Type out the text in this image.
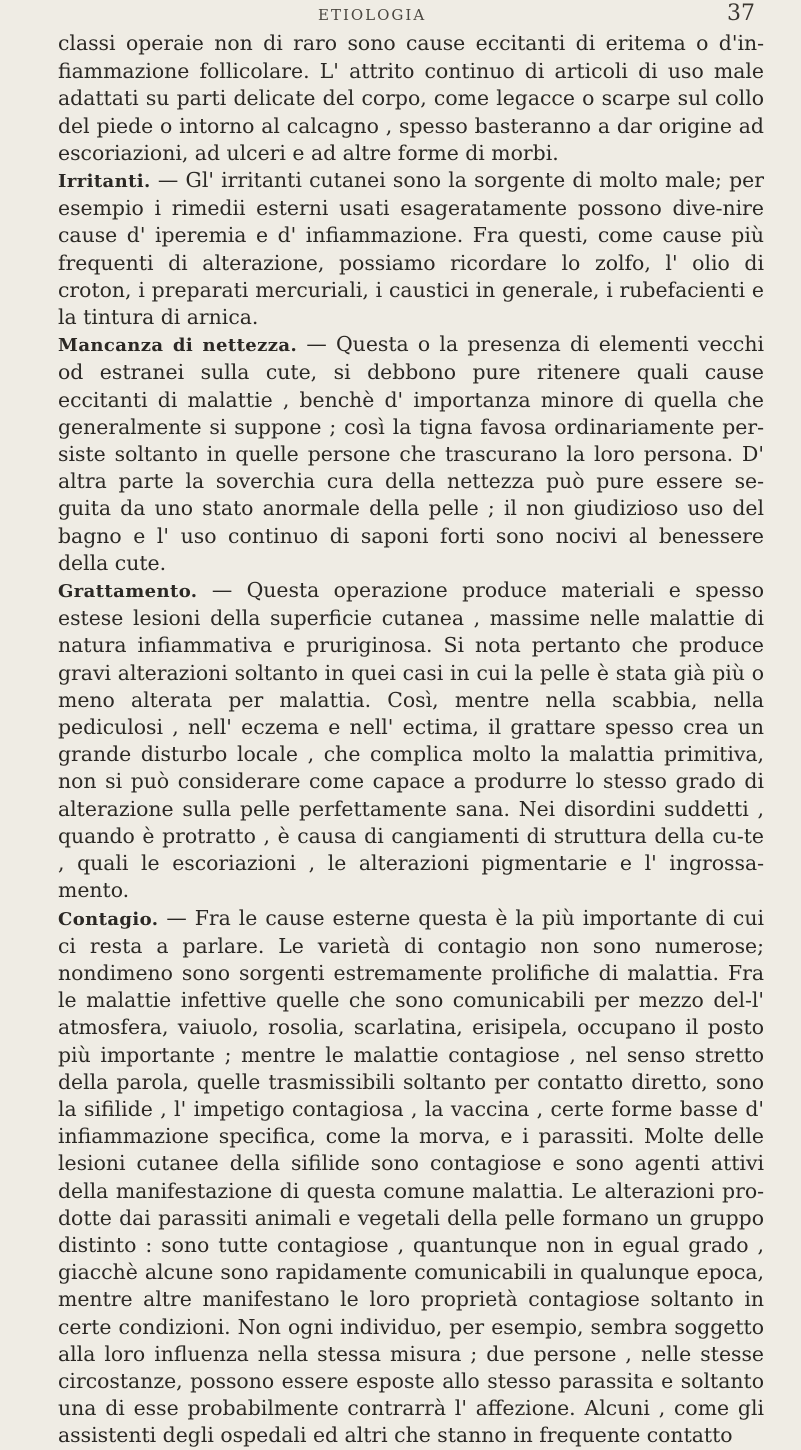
ETIOLOGIA	37

classi operaie non di raro sono cause eccitanti di eritema o d'in-fiammazione follicolare. L' attrito continuo di articoli di uso male adattati su parti delicate del corpo, come legacce o scarpe sul collo del piede o intorno al calcagno , spesso basteranno a dar origine ad escoriazioni, ad ulceri e ad altre forme di morbi.

Irritanti. — Gl' irritanti cutanei sono la sorgente di molto male; per esempio i rimedii esterni usati esageratamente possono dive-nire cause d' iperemia e d' infiammazione. Fra questi, come cause più frequenti di alterazione, possiamo ricordare lo zolfo, l' olio di croton, i preparati mercuriali, i caustici in generale, i rubefacienti e la tintura di arnica.

Mancanza di nettezza. — Questa o la presenza di elementi vecchi od estranei sulla cute, si debbono pure ritenere quali cause eccitanti di malattie , benchè d' importanza minore di quella che generalmente si suppone ; così la tigna favosa ordinariamente per-siste soltanto in quelle persone che trascurano la loro persona. D' altra parte la soverchia cura della nettezza può pure essere se-guita da uno stato anormale della pelle ; il non giudizioso uso del bagno e l' uso continuo di saponi forti sono nocivi al benessere della cute.

Grattamento. — Questa operazione produce materiali e spesso estese lesioni della superficie cutanea , massime nelle malattie di natura infiammativa e pruriginosa. Si nota pertanto che produce gravi alterazioni soltanto in quei casi in cui la pelle è stata già più o meno alterata per malattia. Così, mentre nella scabbia, nella pediculosi , nell' eczema e nell' ectima, il grattare spesso crea un grande disturbo locale , che complica molto la malattia primitiva, non si può considerare come capace a produrre lo stesso grado di alterazione sulla pelle perfettamente sana. Nei disordini suddetti , quando è protratto , è causa di cangiamenti di struttura della cu-te , quali le escoriazioni , le alterazioni pigmentarie e l' ingrossa-mento.

Contagio. — Fra le cause esterne questa è la più importante di cui ci resta a parlare. Le varietà di contagio non sono numerose; nondimeno sono sorgenti estremamente prolifiche di malattia. Fra le malattie infettive quelle che sono comunicabili per mezzo del-l' atmosfera, vaiuolo, rosolia, scarlatina, erisipela, occupano il posto più importante ; mentre le malattie contagiose , nel senso stretto della parola, quelle trasmissibili soltanto per contatto diretto, sono la sifilide , l' impetigo contagiosa , la vaccina , certe forme basse d' infiammazione specifica, come la morva, e i parassiti. Molte delle lesioni cutanee della sifilide sono contagiose e sono agenti attivi della manifestazione di questa comune malattia. Le alterazioni pro-dotte dai parassiti animali e vegetali della pelle formano un gruppo distinto : sono tutte contagiose , quantunque non in egual grado , giacchè alcune sono rapidamente comunicabili in qualunque epoca, mentre altre manifestano le loro proprietà contagiose soltanto in certe condizioni. Non ogni individuo, per esempio, sembra soggetto alla loro influenza nella stessa misura ; due persone , nelle stesse circostanze, possono essere esposte allo stesso parassita e soltanto una di esse probabilmente contrarrà l' affezione. Alcuni , come gli assistenti degli ospedali ed altri che stanno in frequente contatto
